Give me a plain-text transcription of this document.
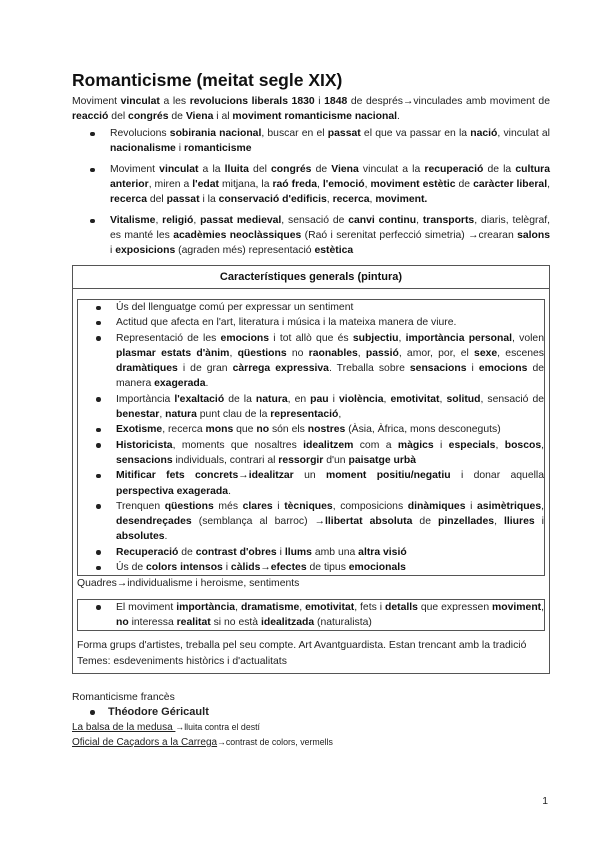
Romanticisme (meitat segle XIX)

Moviment vinculat a les revolucions liberals 1830 i 1848 de després→vinculades amb moviment de reacció del congrés de Viena i al moviment romanticisme nacional.

Revolucions sobirania nacional, buscar en el passat el que va passar en la nació, vinculat al nacionalisme i romanticisme
Moviment vinculat a la lluita del congrés de Viena vinculat a la recuperació de la cultura anterior, miren a l'edat mitjana, la raó freda, l'emoció, moviment estètic de caràcter liberal, recerca del passat i la conservació d'edificis, recerca, moviment.
Vitalisme, religió, passat medieval, sensació de canvi continu, transports, diaris, telègraf, es manté les acadèmies neoclàssiques (Raó i serenitat perfecció simetria) →crearan salons i exposicions (agraden més) representació estètica
Característiques generals (pintura)
Ús del llenguatge comú per expressar un sentiment
Actitud que afecta en l'art, literatura i música i la mateixa manera de viure.
Representació de les emocions i tot allò que és subjectiu, importància personal, volen plasmar estats d'ànim, qüestions no raonables, passió, amor, por, el sexe, escenes dramàtiques i de gran càrrega expressiva. Treballa sobre sensacions i emocions de manera exagerada.
Importància l'exaltació de la natura, en pau i violència, emotivitat, solitud, sensació de benestar, natura punt clau de la representació,
Exotisme, recerca mons que no són els nostres (Àsia, Àfrica, mons desconeguts)
Historicista, moments que nosaltres idealitzem com a màgics i especials, boscos, sensacions individuals, contrari al ressorgir d'un paisatge urbà
Mitificar fets concrets→idealitzar un moment positiu/negatiu i donar aquella perspectiva exagerada.
Trenquen qüestions més clares i tècniques, composicions dinàmiques i asimètriques, desendreçades (semblança al barroc) →llibertat absoluta de pinzellades, lliures i absolutes.
Recuperació de contrast d'obres i llums amb una altra visió
Ús de colors intensos i càlids→efectes de tipus emocionals

Quadres→individualisme i heroisme, sentiments

El moviment importància, dramatisme, emotivitat, fets i detalls que expressen moviment, no interessa realitat si no està idealitzada (naturalista)

Forma grups d'artistes, treballa pel seu compte. Art Avantguardista. Estan trencant amb la tradició

Temes: esdeveniments històrics i d'actualitats

Romanticisme francès
Théodore Géricault
La balsa de la medusa →lluita contra el destí
Oficial de Caçadors a la Carrega→contrast de colors, vermells
1
